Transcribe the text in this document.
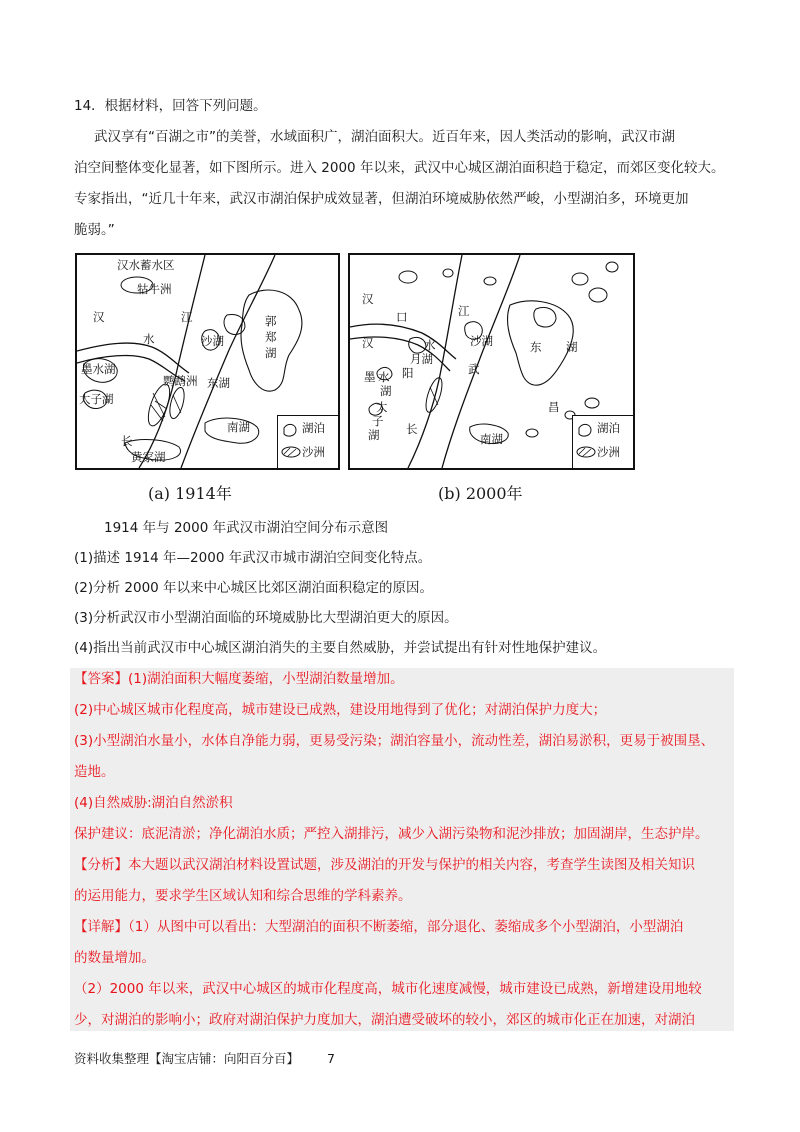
14．根据材料，回答下列问题。
武汉享有“百湖之市”的美誉，水域面积广，湖泊面积大。近百年来，因人类活动的影响，武汉市湖
泊空间整体变化显著，如下图所示。进入 2000 年以来，武汉中心城区湖泊面积趋于稳定，而郊区变化较大。
专家指出，“近几十年来，武汉市湖泊保护成效显著，但湖泊环境威胁依然严峻，小型湖泊多，环境更加
脆弱。”
汉水蓄水区
牯牛洲
汉
水
江
沙湖
郭
郑
湖
墨水湖
鹦鹉洲 东湖
太子湖
南湖
长
黄家湖
湖泊
沙洲
(a) 1914年
汉
口
汉
阳
水
月湖
墨 水
湖
太
子
湖
武
江
沙湖	东 湖
昌
南湖
长	湖泊
沙洲
(b) 2000年
1914 年与 2000 年武汉市湖泊空间分布示意图
(1)描述 1914 年—2000 年武汉市城市湖泊空间变化特点。
(2)分析 2000 年以来中心城区比郊区湖泊面积稳定的原因。
(3)分析武汉市小型湖泊面临的环境威胁比大型湖泊更大的原因。
(4)指出当前武汉市中心城区湖泊消失的主要自然威胁，并尝试提出有针对性地保护建议。
【答案】(1)湖泊面积大幅度萎缩，小型湖泊数量增加。
(2)中心城区城市化程度高，城市建设已成熟，建设用地得到了优化；对湖泊保护力度大；
(3)小型湖泊水量小，水体自净能力弱，更易受污染；湖泊容量小，流动性差，湖泊易淤积，更易于被围垦、
造地。
(4)自然威胁:湖泊自然淤积
保护建议：底泥清淤；净化湖泊水质；严控入湖排污，减少入湖污染物和泥沙排放；加固湖岸，生态护岸。
【分析】本大题以武汉湖泊材料设置试题，涉及湖泊的开发与保护的相关内容，考查学生读图及相关知识
的运用能力，要求学生区域认知和综合思维的学科素养。
【详解】（1）从图中可以看出：大型湖泊的面积不断萎缩，部分退化、萎缩成多个小型湖泊，小型湖泊
的数量增加。
（2）2000 年以来，武汉中心城区的城市化程度高，城市化速度减慢，城市建设已成熟，新增建设用地较
少，对湖泊的影响小；政府对湖泊保护力度加大，湖泊遭受破坏的较小，郊区的城市化正在加速，对湖泊
资料收集整理【淘宝店铺：向阳百分百】 7
